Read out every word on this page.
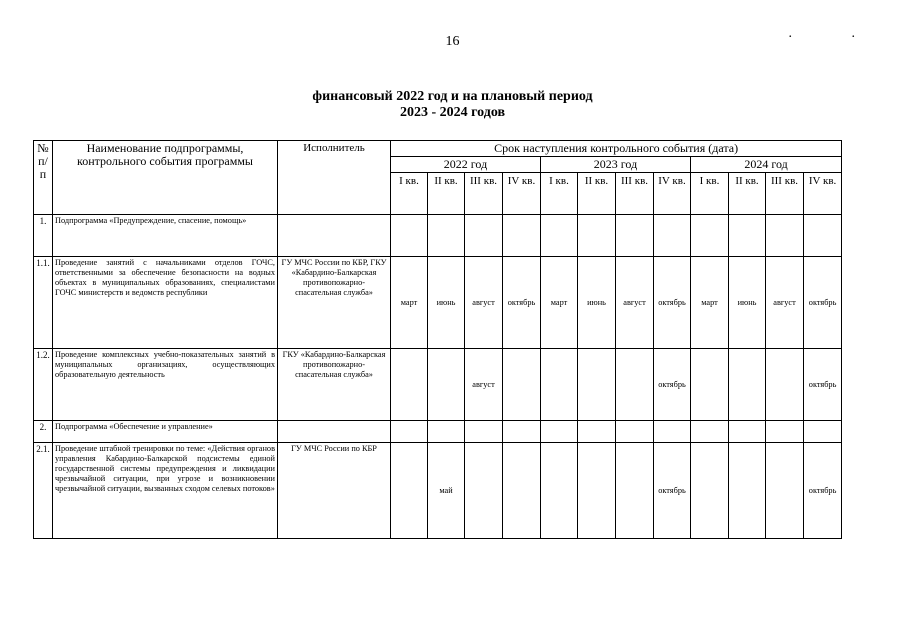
16
. .
финансовый 2022 год и на плановый период
2023 - 2024 годов
№ п/п	Наименование подпрограммы, контрольного события программы	Исполнитель	Срок наступления контрольного события (дата)											
			2022 год				2023 год				2024 год			
			I кв.	II кв.	III кв.	IV кв.	I кв.	II кв.	III кв.	IV кв.	I кв.	II кв.	III кв.	IV кв.
1.	Подпрограмма «Предупреждение, спасение, помощь»													
1.1.	Проведение занятий с начальниками отделов ГОЧС, ответственными за обеспечение безопасности на водных объектах в муниципальных образованиях, специалистами ГОЧС министерств и ведомств республики	ГУ МЧС России по КБР, ГКУ «Кабардино-Балкарская противопожарно-спасательная служба»	март	июнь	август	октябрь	март	июнь	август	октябрь	март	июнь	август	октябрь
1.2.	Проведение комплексных учебно-показательных занятий в муниципальных организациях, осуществляющих образовательную деятельность	ГКУ «Кабардино-Балкарская противопожарно-спасательная служба»			август					октябрь				октябрь
2.	Подпрограмма «Обеспечение и управление»													
2.1.	Проведение штабной тренировки по теме: «Действия органов управления Кабардино-Балкарской подсистемы единой государственной системы предупреждения и ликвидации чрезвычайной ситуации, при угрозе и возникновении чрезвычайной ситуации, вызванных сходом селевых потоков»	ГУ МЧС России по КБР		май						октябрь				октябрь
